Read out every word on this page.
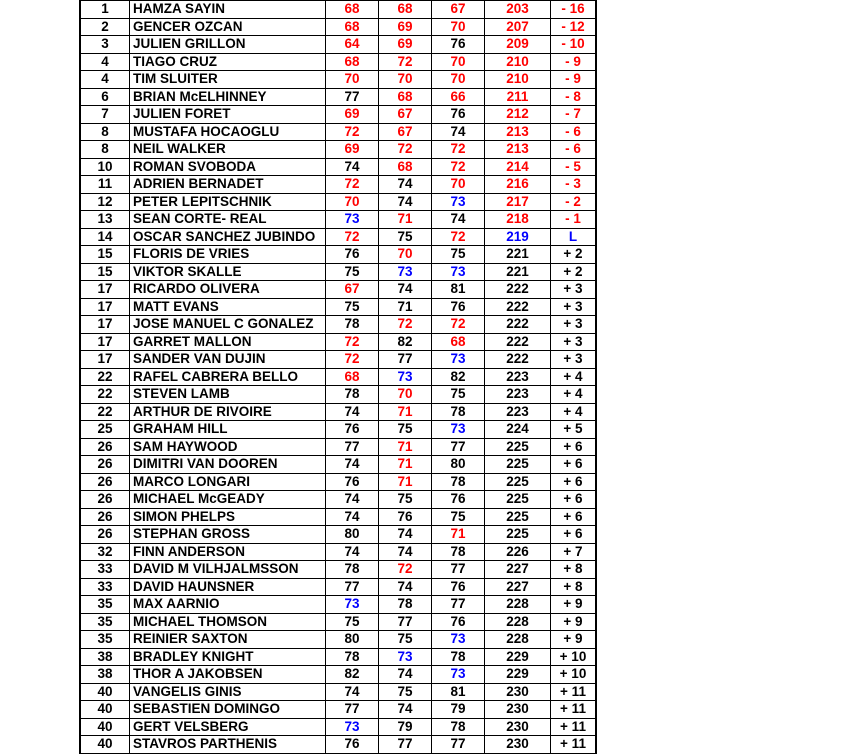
1	HAMZA SAYIN	68	68	67	203	- 16
2	GENCER OZCAN	68	69	70	207	- 12
3	JULIEN GRILLON	64	69	76	209	- 10
4	TIAGO CRUZ	68	72	70	210	- 9
4	TIM SLUITER	70	70	70	210	- 9
6	BRIAN McELHINNEY	77	68	66	211	- 8
7	JULIEN FORET	69	67	76	212	- 7
8	MUSTAFA HOCAOGLU	72	67	74	213	- 6
8	NEIL WALKER	69	72	72	213	- 6
10	ROMAN SVOBODA	74	68	72	214	- 5
11	ADRIEN BERNADET	72	74	70	216	- 3
12	PETER LEPITSCHNIK	70	74	73	217	- 2
13	SEAN CORTE- REAL	73	71	74	218	- 1
14	OSCAR SANCHEZ JUBINDO	72	75	72	219	L
15	FLORIS DE VRIES	76	70	75	221	+ 2
15	VIKTOR SKALLE	75	73	73	221	+ 2
17	RICARDO OLIVERA	67	74	81	222	+ 3
17	MATT EVANS	75	71	76	222	+ 3
17	JOSE MANUEL C GONALEZ	78	72	72	222	+ 3
17	GARRET MALLON	72	82	68	222	+ 3
17	SANDER VAN DUJIN	72	77	73	222	+ 3
22	RAFEL CABRERA BELLO	68	73	82	223	+ 4
22	STEVEN LAMB	78	70	75	223	+ 4
22	ARTHUR DE RIVOIRE	74	71	78	223	+ 4
25	GRAHAM HILL	76	75	73	224	+ 5
26	SAM HAYWOOD	77	71	77	225	+ 6
26	DIMITRI VAN DOOREN	74	71	80	225	+ 6
26	MARCO LONGARI	76	71	78	225	+ 6
26	MICHAEL McGEADY	74	75	76	225	+ 6
26	SIMON PHELPS	74	76	75	225	+ 6
26	STEPHAN GROSS	80	74	71	225	+ 6
32	FINN ANDERSON	74	74	78	226	+ 7
33	DAVID M VILHJALMSSON	78	72	77	227	+ 8
33	DAVID HAUNSNER	77	74	76	227	+ 8
35	MAX AARNIO	73	78	77	228	+ 9
35	MICHAEL THOMSON	75	77	76	228	+ 9
35	REINIER SAXTON	80	75	73	228	+ 9
38	BRADLEY KNIGHT	78	73	78	229	+ 10
38	THOR A JAKOBSEN	82	74	73	229	+ 10
40	VANGELIS GINIS	74	75	81	230	+ 11
40	SEBASTIEN DOMINGO	77	74	79	230	+ 11
40	GERT VELSBERG	73	79	78	230	+ 11
40	STAVROS PARTHENIS	76	77	77	230	+ 11
